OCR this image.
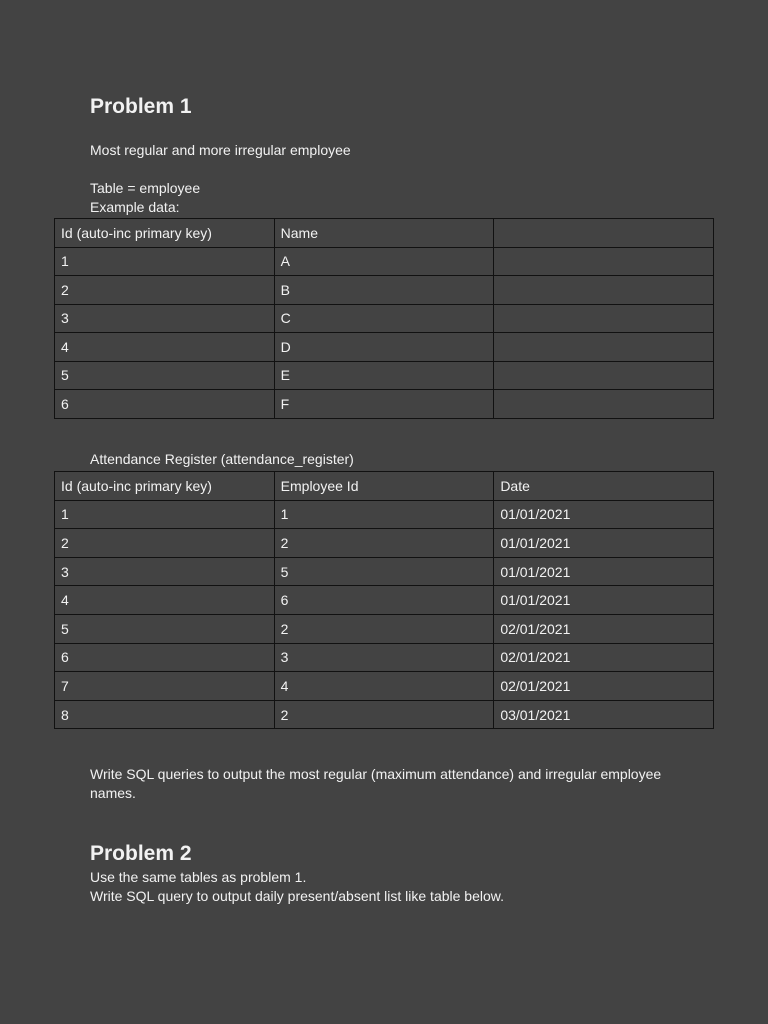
Problem 1

Most regular and more irregular employee

Table = employee

Example data:

Id (auto-inc primary key)	Name	
1	A	
2	B	
3	C	
4	D	
5	E	
6	F	

Attendance Register (attendance_register)

Id (auto-inc primary key)	Employee Id	Date
1	1	01/01/2021
2	2	01/01/2021
3	5	01/01/2021
4	6	01/01/2021
5	2	02/01/2021
6	3	02/01/2021
7	4	02/01/2021
8	2	03/01/2021

Write SQL queries to output the most regular (maximum attendance) and irregular employee

names.

Problem 2

Use the same tables as problem 1.

Write SQL query to output daily present/absent list like table below.
